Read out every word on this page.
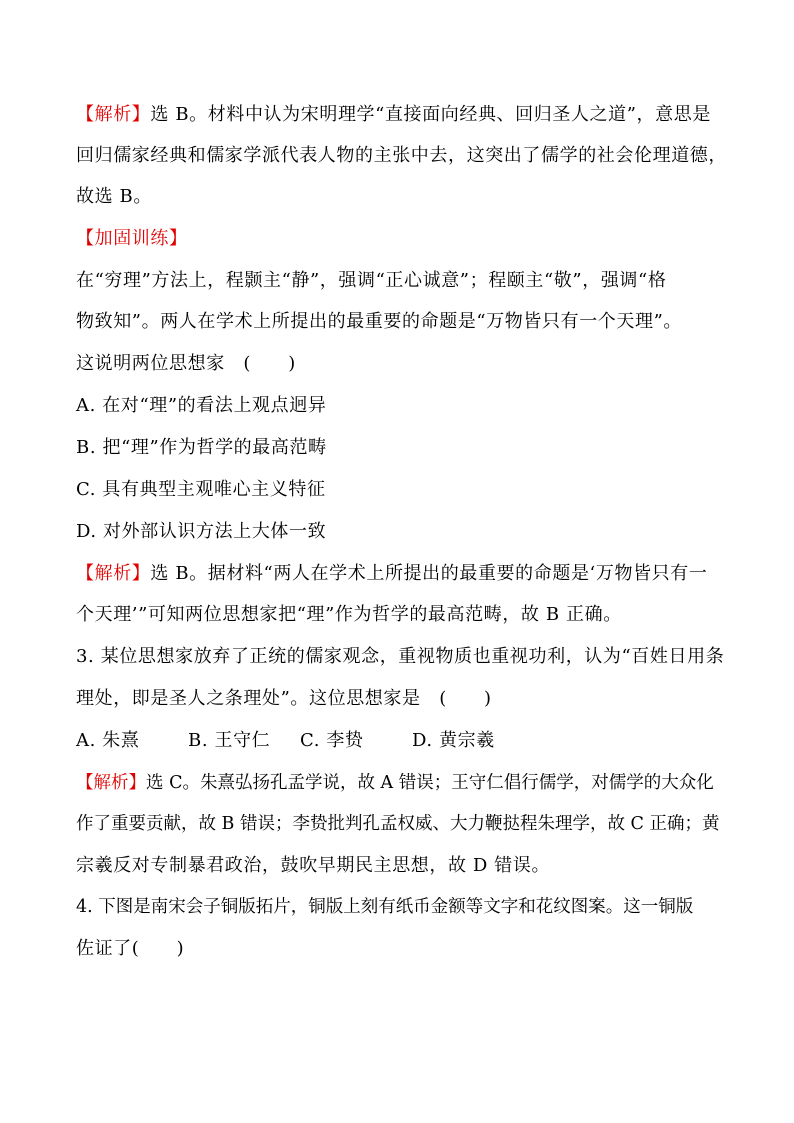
【解析】选 B。材料中认为宋明理学“直接面向经典、回归圣人之道”，意思是
回归儒家经典和儒家学派代表人物的主张中去，这突出了儒学的社会伦理道德，
故选 B。
【加固训练】
在“穷理”方法上，程颢主“静”，强调“正心诚意”；程颐主“敬”，强调“格
物致知”。两人在学术上所提出的最重要的命题是“万物皆只有一个天理”。
这说明两位思想家　(　　)
A. 在对“理”的看法上观点迥异
B. 把“理”作为哲学的最高范畴
C. 具有典型主观唯心主义特征
D. 对外部认识方法上大体一致
【解析】选 B。据材料“两人在学术上所提出的最重要的命题是‘万物皆只有一
个天理’”可知两位思想家把“理”作为哲学的最高范畴，故 B 正确。
3. 某位思想家放弃了正统的儒家观念，重视物质也重视功利，认为“百姓日用条
理处，即是圣人之条理处”。这位思想家是　(　　)
A. 朱熹	B. 王守仁 C. 李贽	D. 黄宗羲
【解析】选 C。朱熹弘扬孔孟学说，故 A 错误；王守仁倡行儒学，对儒学的大众化
作了重要贡献，故 B 错误；李贽批判孔孟权威、大力鞭挞程朱理学，故 C 正确；黄
宗羲反对专制暴君政治，鼓吹早期民主思想，故 D 错误。
4. 下图是南宋会子铜版拓片，铜版上刻有纸币金额等文字和花纹图案。这一铜版
佐证了(　　)
